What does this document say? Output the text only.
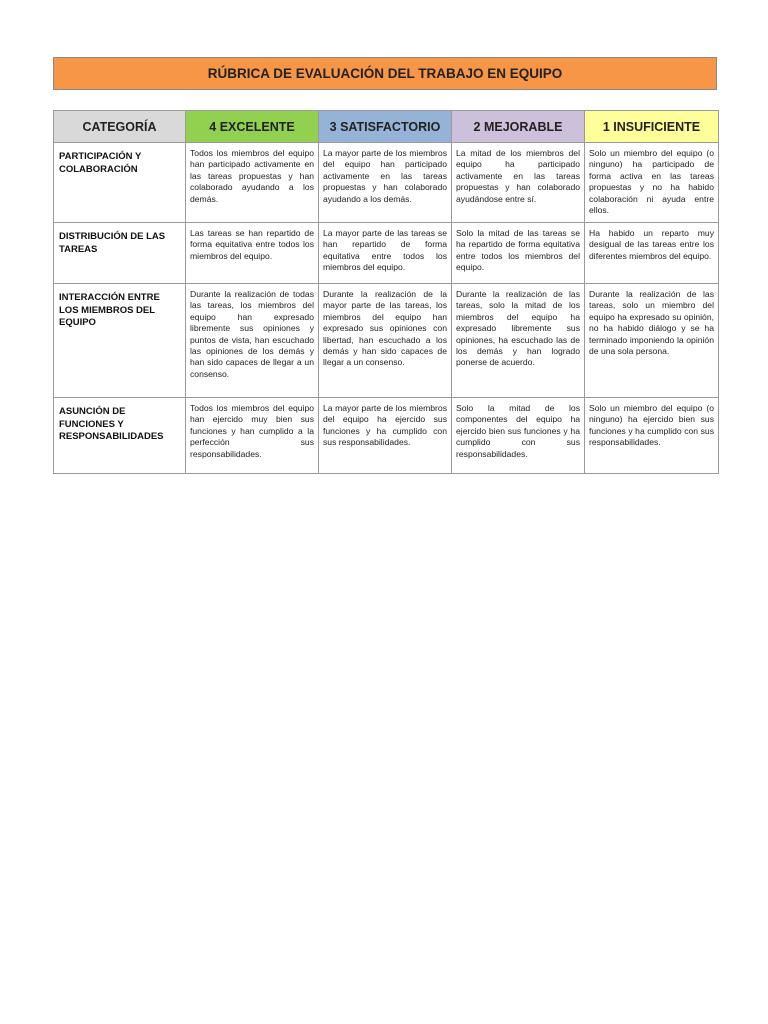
RÚBRICA DE EVALUACIÓN DEL TRABAJO EN EQUIPO
CATEGORÍA	4 EXCELENTE	3 SATISFACTORIO	2 MEJORABLE	1 INSUFICIENTE
PARTICIPACIÓN Y COLABORACIÓN	Todos los miembros del equipo han participado activamente en las tareas propuestas y han colaborado ayudando a los demás.	La mayor parte de los miembros del equipo han participado activamente en las tareas propuestas y han colaborado ayudando a los demás.	La mitad de los miembros del equipo ha participado activamente en las tareas propuestas y han colaborado ayudándose entre sí.	Solo un miembro del equipo (o ninguno) ha participado de forma activa en las tareas propuestas y no ha habido colaboración ni ayuda entre ellos.
DISTRIBUCIÓN DE LAS TAREAS	Las tareas se han repartido de forma equitativa entre todos los miembros del equipo.	La mayor parte de las tareas se han repartido de forma equitativa entre todos los miembros del equipo.	Solo la mitad de las tareas se ha repartido de forma equitativa entre todos los miembros del equipo.	Ha habido un reparto muy desigual de las tareas entre los diferentes miembros del equipo.
INTERACCIÓN ENTRE LOS MIEMBROS DEL EQUIPO	Durante la realización de todas las tareas, los miembros del equipo han expresado libremente sus opiniones y puntos de vista, han escuchado las opiniones de los demás y han sido capaces de llegar a un consenso.	Durante la realización de la mayor parte de las tareas, los miembros del equipo han expresado sus opiniones con libertad, han escuchado a los demás y han sido capaces de llegar a un consenso.	Durante la realización de las tareas, solo la mitad de los miembros del equipo ha expresado libremente sus opiniones, ha escuchado las de los demás y han logrado ponerse de acuerdo.	Durante la realización de las tareas, solo un miembro del equipo ha expresado su opinión, no ha habido diálogo y se ha terminado imponiendo la opinión de una sola persona.
ASUNCIÓN DE FUNCIONES Y RESPONSABILIDADES	Todos los miembros del equipo han ejercido muy bien sus funciones y han cumplido a la perfección sus responsabilidades.	La mayor parte de los miembros del equipo ha ejercido sus funciones y ha cumplido con sus responsabilidades.	Solo la mitad de los componentes del equipo ha ejercido bien sus funciones y ha cumplido con sus responsabilidades.	Solo un miembro del equipo (o ninguno) ha ejercido bien sus funciones y ha cumplido con sus responsabilidades.
